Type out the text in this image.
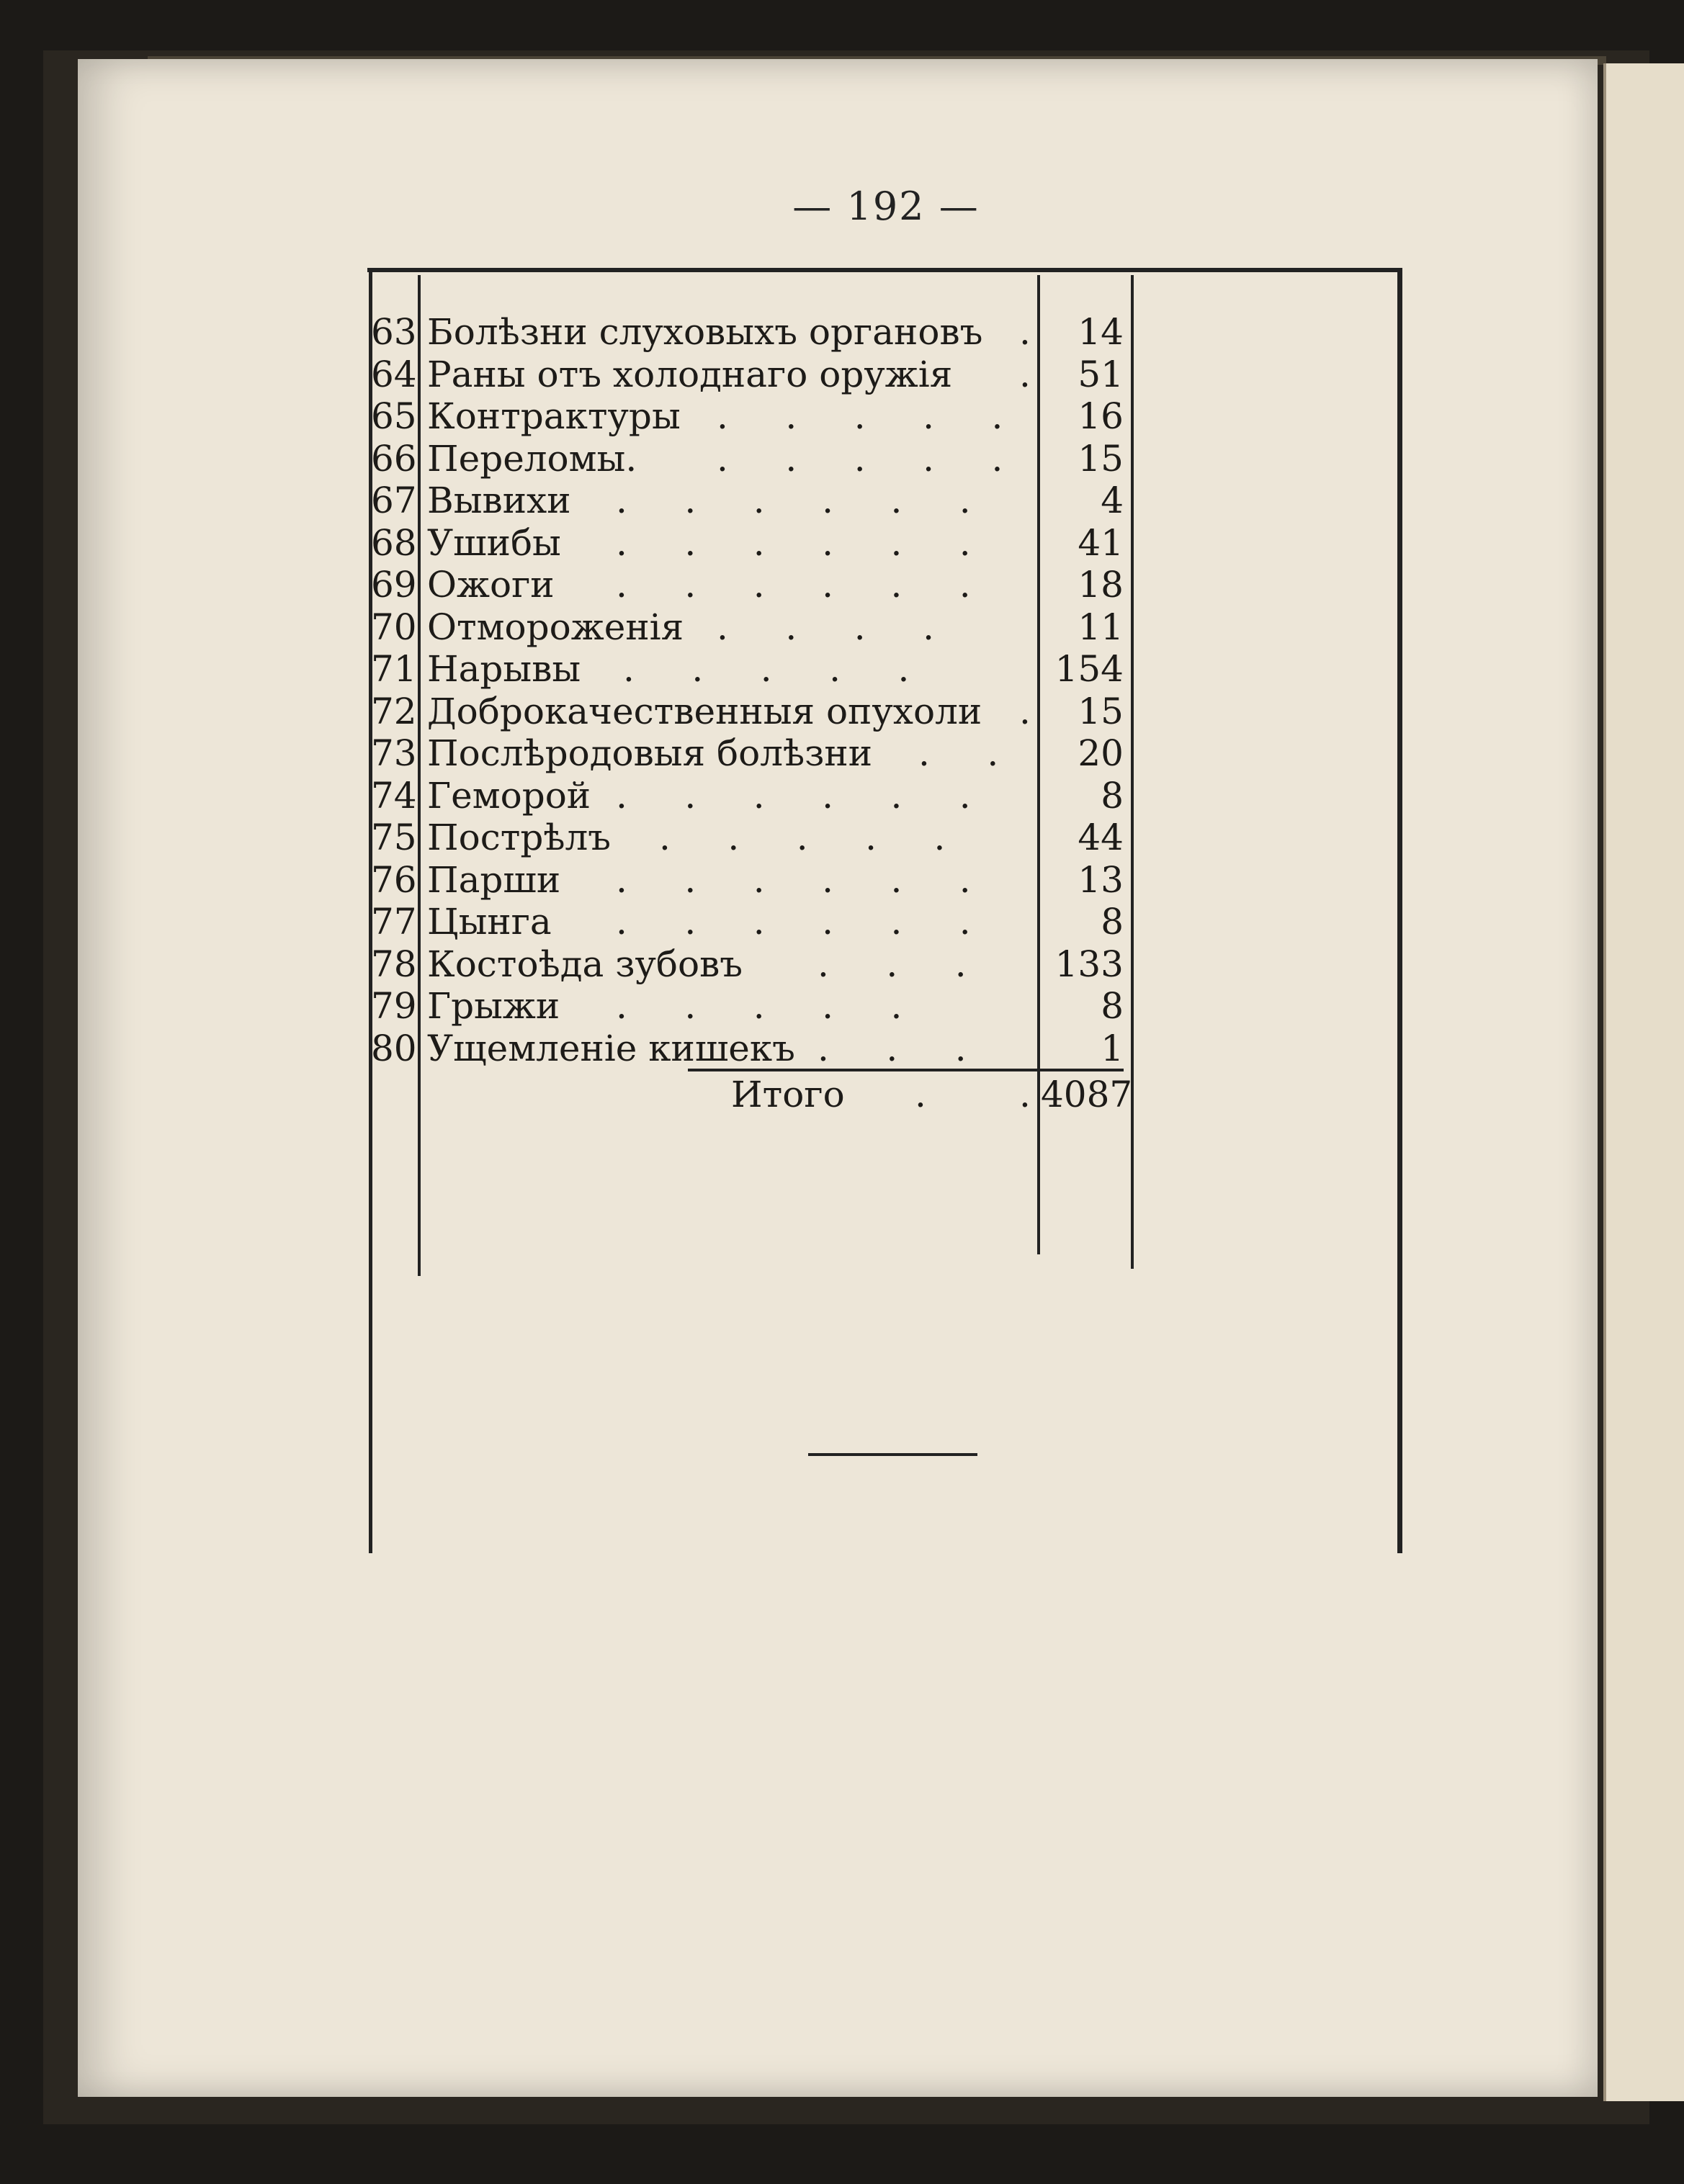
— 192 —
63 Болѣзни слуховыхъ органовъ .	14
64 Раны отъ холоднаго оружія .	51
65 Контрактуры .     .     .     .     .	16
66 Переломы. .     .     .     .     .	15
67 Вывихи .     .     .     .     .     .	4
68 Ушибы .     .     .     .     .     .	41
69 Ожоги .     .     .     .     .     .	18
70 Отмороженія .     .     .     .	11
71 Нарывы .     .     .     .     .	154
72 Доброкачественныя опухоли .	15
73 Послѣродовыя болѣзни .     .	20
74 Геморой .     .     .     .     .     .	8
75 Пострѣлъ .     .     .     .     .	44
76 Парши .     .     .     .     .     .	13
77 Цынга .     .     .     .     .     .	8
78 Костоѣда зубовъ .     .     .	133
79 Грыжи .     .     .     .     .	8
80 Ущемленіе кишекъ .     .     .	1
Итого .	. 4087
